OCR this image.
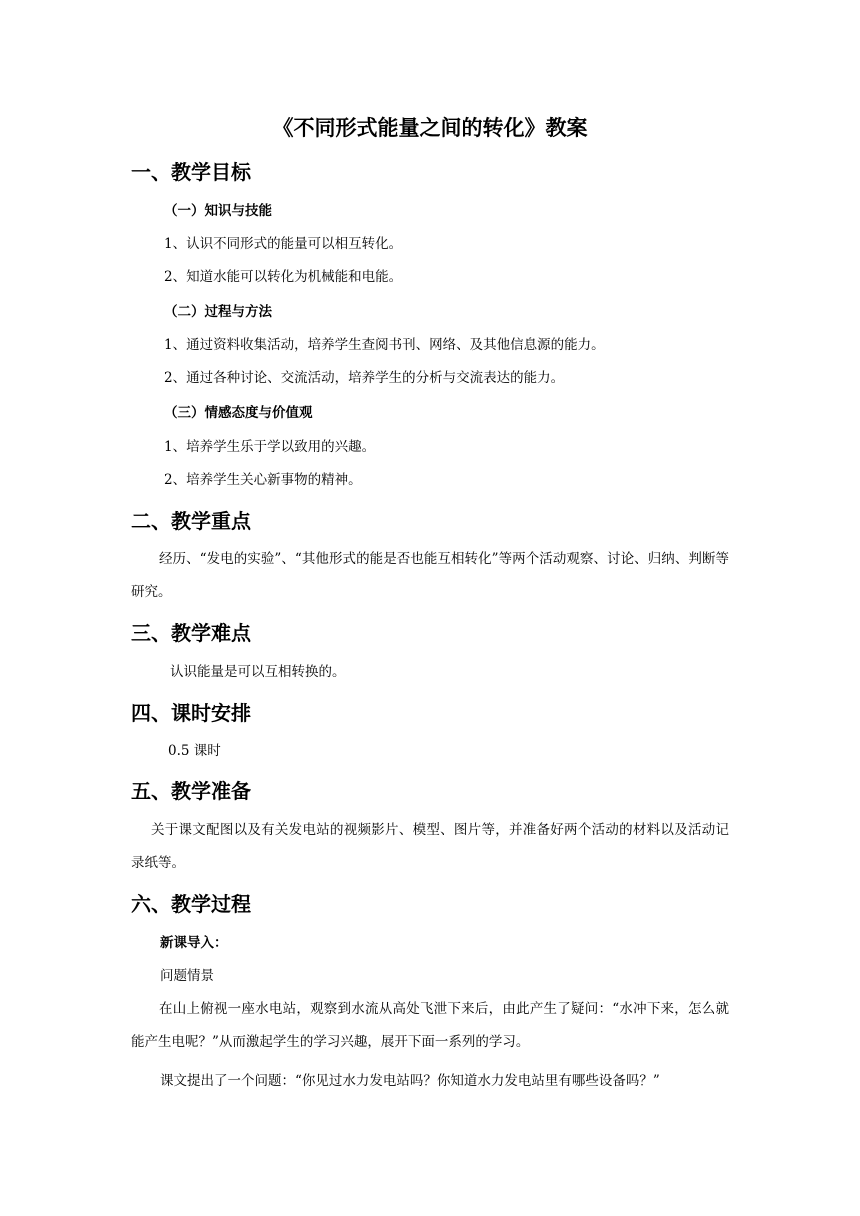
《不同形式能量之间的转化》教案
一、教学目标
（一）知识与技能
1、认识不同形式的能量可以相互转化。
2、知道水能可以转化为机械能和电能。
（二）过程与方法
1、通过资料收集活动，培养学生查阅书刊、网络、及其他信息源的能力。
2、通过各种讨论、交流活动，培养学生的分析与交流表达的能力。
（三）情感态度与价值观
1、培养学生乐于学以致用的兴趣。
2、培养学生关心新事物的精神。
二、教学重点
经历、“发电的实验”、“其他形式的能是否也能互相转化”等两个活动观察、讨论、归纳、判断等研究。
三、教学难点
认识能量是可以互相转换的。
四、课时安排
0.5 课时
五、教学准备
关于课文配图以及有关发电站的视频影片、模型、图片等，并准备好两个活动的材料以及活动记录纸等。
六、教学过程
新课导入：
问题情景
在山上俯视一座水电站，观察到水流从高处飞泄下来后，由此产生了疑问：“水冲下来，怎么就能产生电呢？”从而激起学生的学习兴趣，展开下面一系列的学习。
课文提出了一个问题：“你见过水力发电站吗？你知道水力发电站里有哪些设备吗？”
